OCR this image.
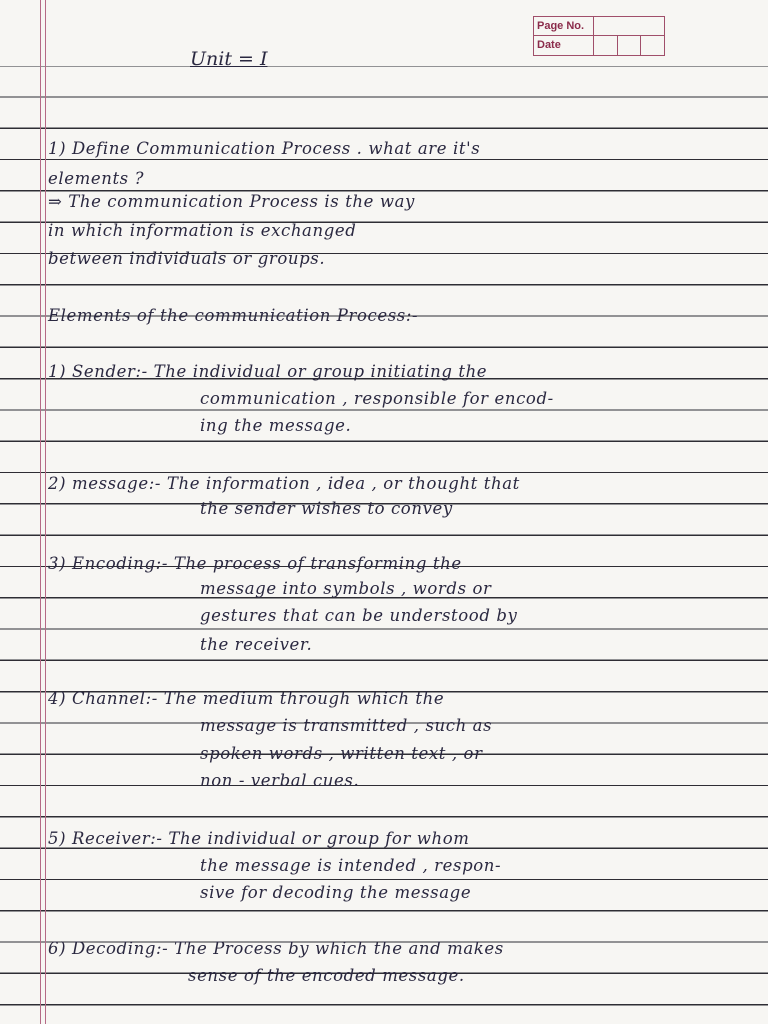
Page No.
Date
Unit = I
1) Define Communication Process . what are it's
elements ?
⇒ The communication Process is the way
in which information is exchanged
between individuals or groups.
Elements of the communication Process:-
1) Sender:- The individual or group initiating the
communication , responsible for encod-
ing the message.
2) message:- The information , idea , or thought that
the sender wishes to convey
3) Encoding:- The process of transforming the
message into symbols , words or
gestures that can be understood by
the receiver.
4) Channel:- The medium through which the
message is transmitted , such as
spoken words , written text , or
non - verbal cues.
5) Receiver:- The individual or group for whom
the message is intended , respon-
sive for decoding the message
6) Decoding:- The Process by which the and makes
sense of the encoded message.
